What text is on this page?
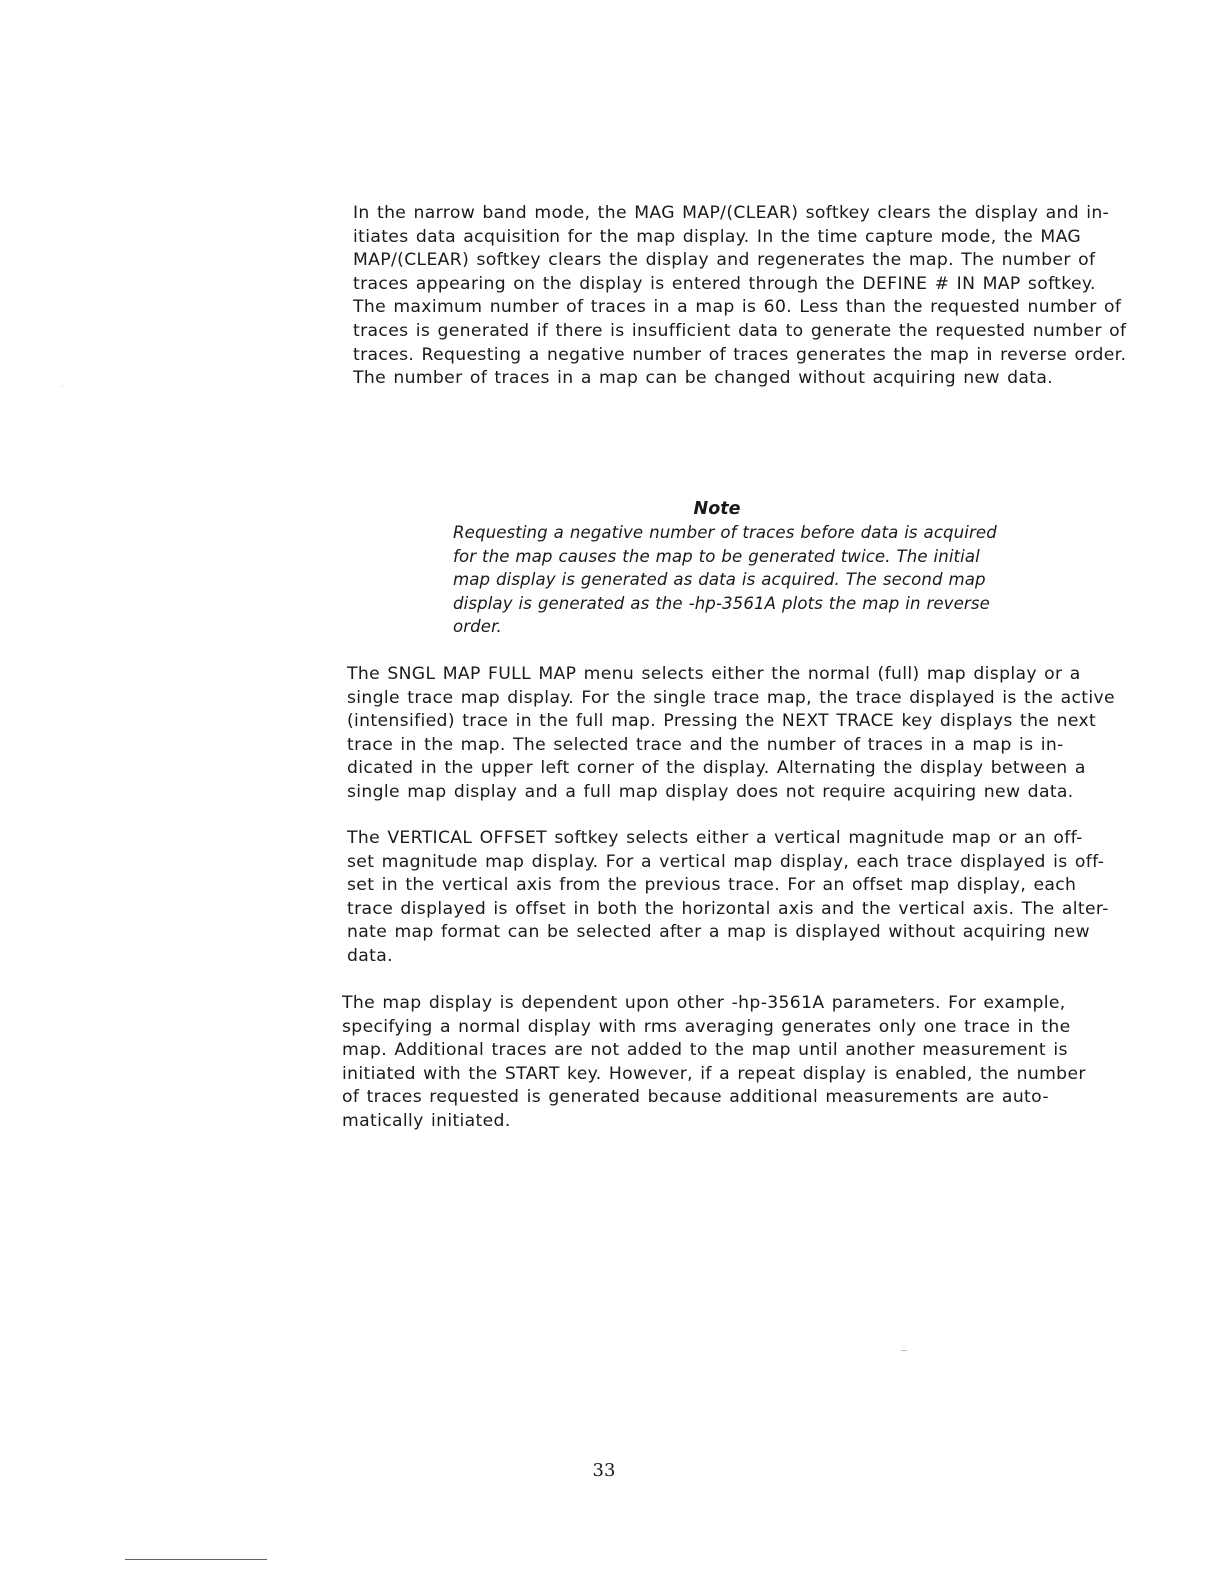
In the narrow band mode, the MAG MAP/(CLEAR) softkey clears the display and in-
itiates data acquisition for the map display. In the time capture mode, the MAG
MAP/(CLEAR) softkey clears the display and regenerates the map. The number of
traces appearing on the display is entered through the DEFINE # IN MAP softkey.
The maximum number of traces in a map is 60. Less than the requested number of
traces is generated if there is insufficient data to generate the requested number of
traces. Requesting a negative number of traces generates the map in reverse order.
The number of traces in a map can be changed without acquiring new data.

Note
Requesting a negative number of traces before data is acquired
for the map causes the map to be generated twice. The initial
map display is generated as data is acquired. The second map
display is generated as the -hp-3561A plots the map in reverse
order.

The SNGL MAP FULL MAP menu selects either the normal (full) map display or a
single trace map display. For the single trace map, the trace displayed is the active
(intensified) trace in the full map. Pressing the NEXT TRACE key displays the next
trace in the map. The selected trace and the number of traces in a map is in-
dicated in the upper left corner of the display. Alternating the display between a
single map display and a full map display does not require acquiring new data.

The VERTICAL OFFSET softkey selects either a vertical magnitude map or an off-
set magnitude map display. For a vertical map display, each trace displayed is off-
set in the vertical axis from the previous trace. For an offset map display, each
trace displayed is offset in both the horizontal axis and the vertical axis. The alter-
nate map format can be selected after a map is displayed without acquiring new
data.

The map display is dependent upon other -hp-3561A parameters. For example,
specifying a normal display with rms averaging generates only one trace in the
map. Additional traces are not added to the map until another measurement is
initiated with the START key. However, if a repeat display is enabled, the number
of traces requested is generated because additional measurements are auto-
matically initiated.

33
